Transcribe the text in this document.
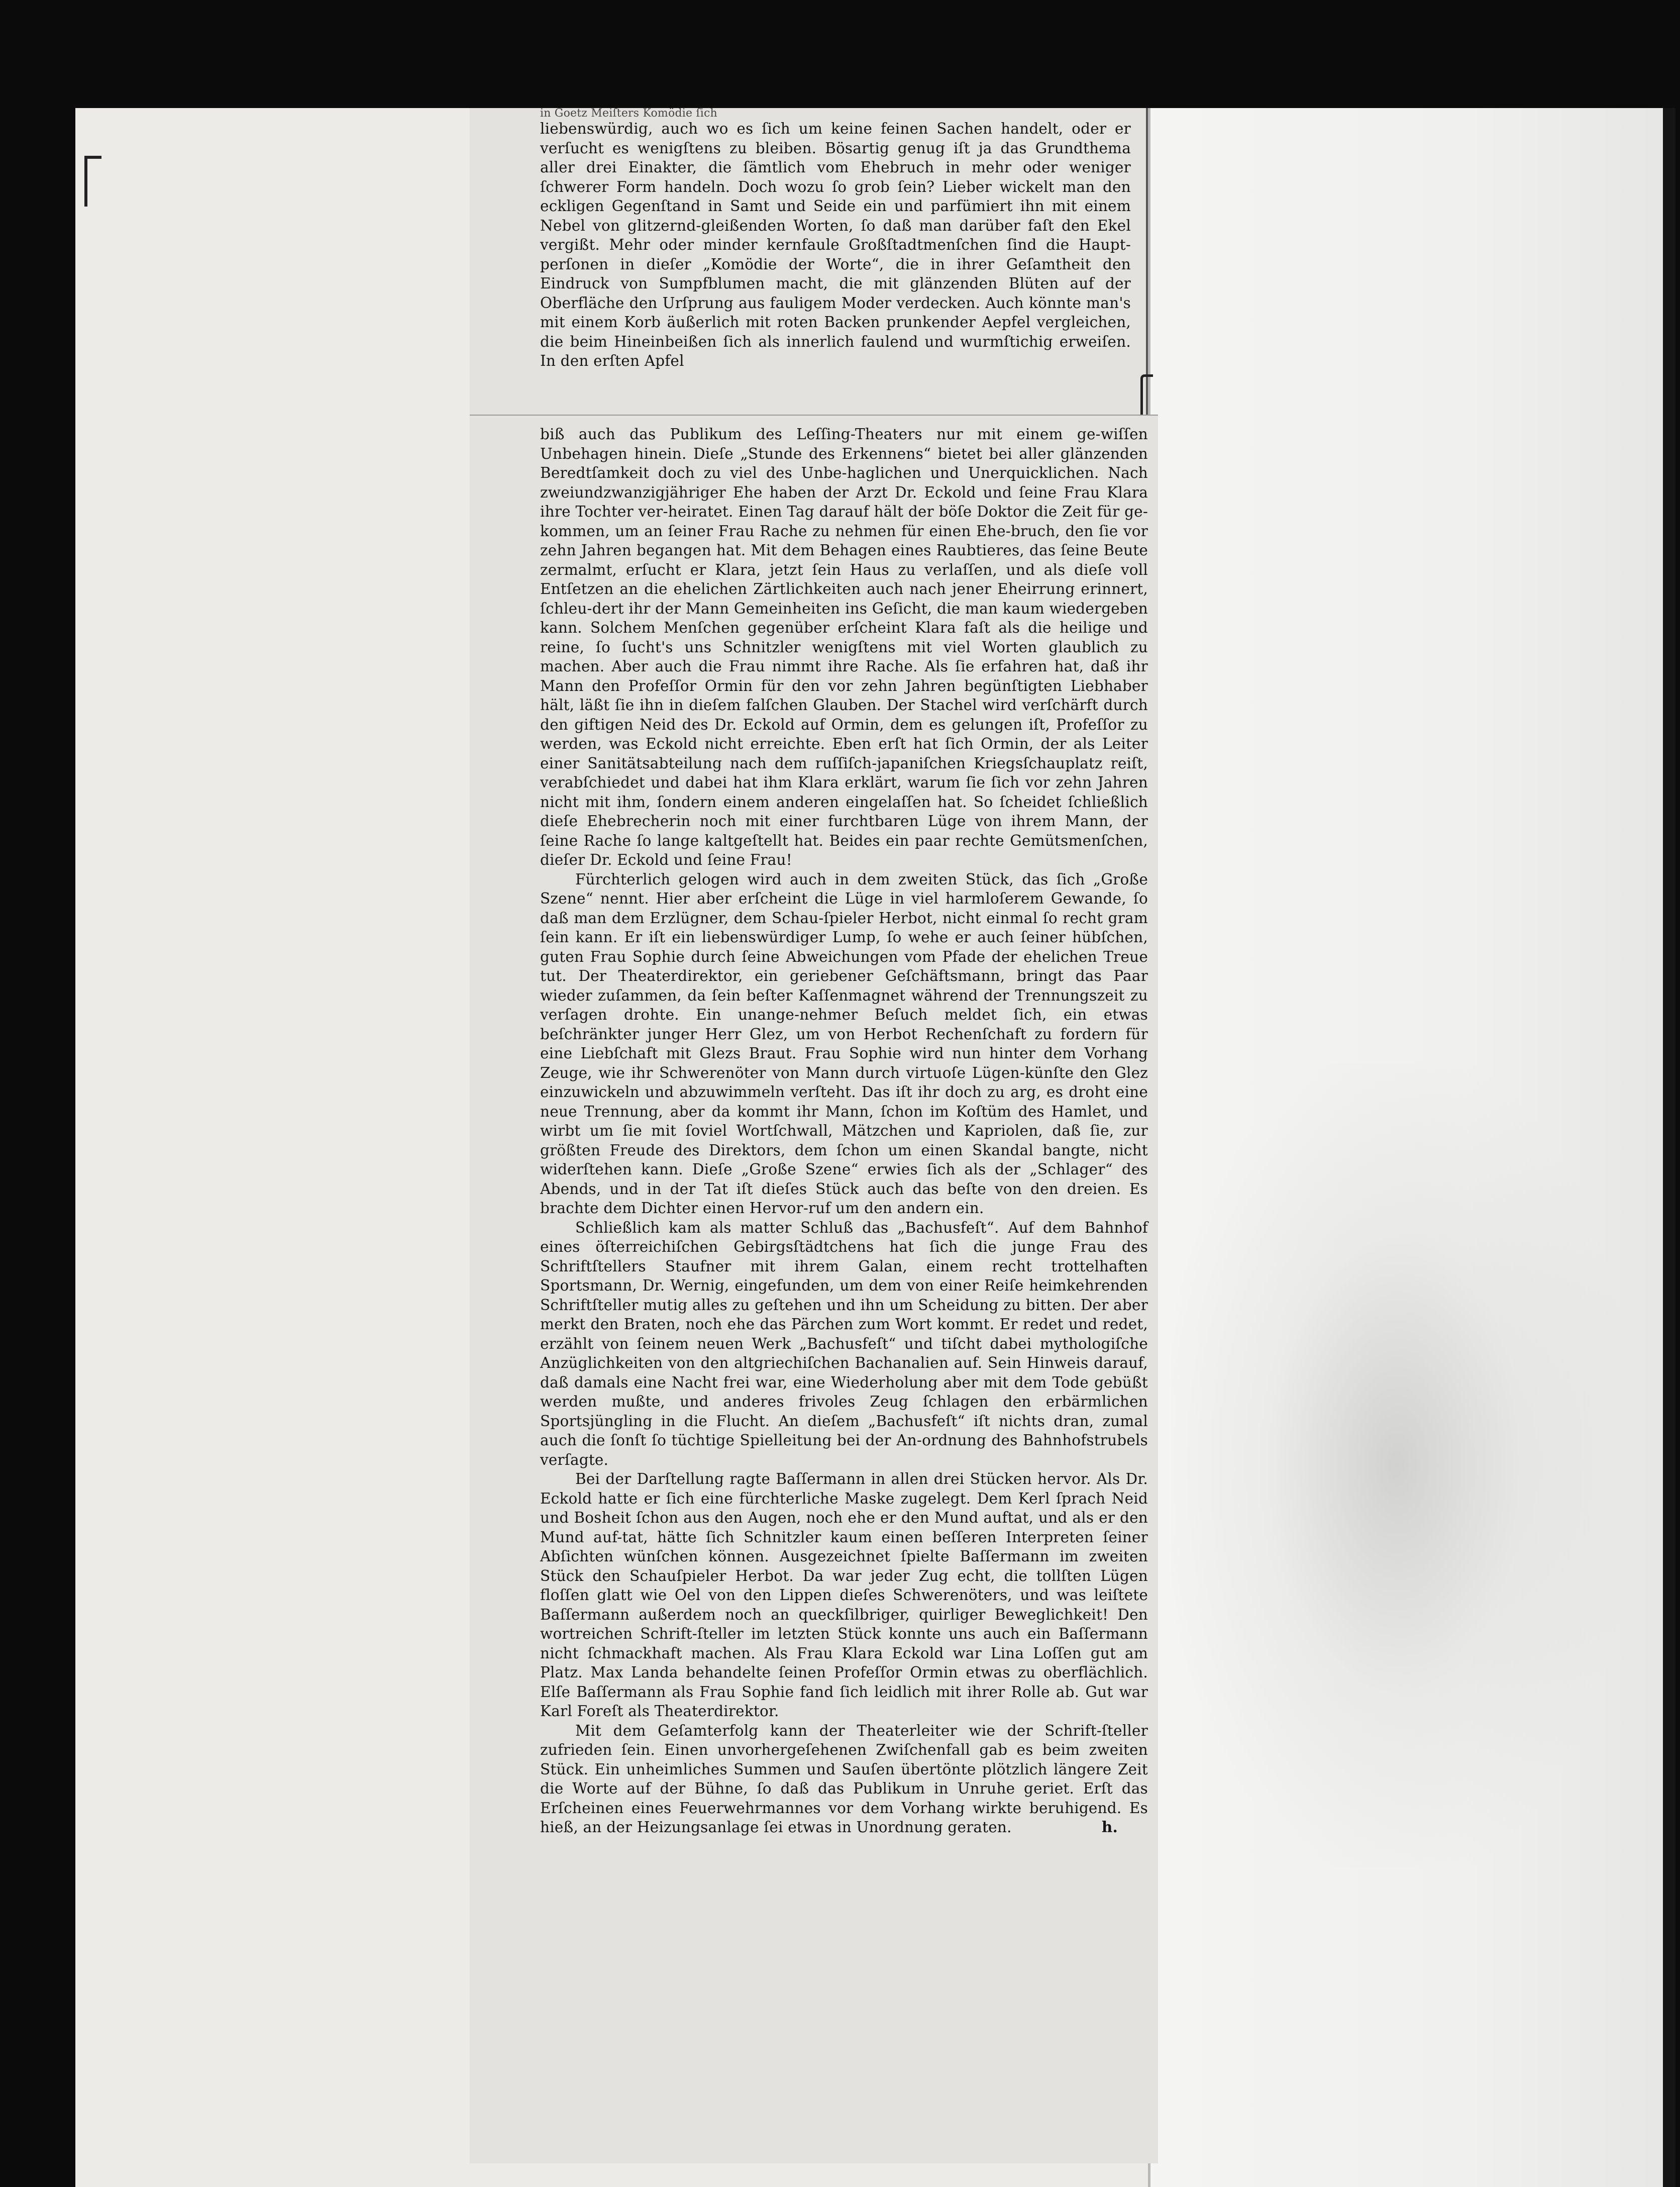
in Goetz Meiſters Komödie ſich

liebenswürdig, auch wo es ſich um keine feinen Sachen handelt, oder er verſucht es wenigſtens zu bleiben. Bösartig genug iſt ja das Grundthema aller drei Einakter, die ſämtlich vom Ehebruch in mehr oder weniger ſchwerer Form handeln. Doch wozu ſo grob ſein? Lieber wickelt man den eckligen Gegenſtand in Samt und Seide ein und parfümiert ihn mit einem Nebel von glitzernd-gleißenden Worten, ſo daß man darüber faſt den Ekel vergißt. Mehr oder minder kernfaule Großſtadtmenſchen ſind die Haupt-perſonen in dieſer „Komödie der Worte“, die in ihrer Geſamtheit den Eindruck von Sumpfblumen macht, die mit glänzenden Blüten auf der Oberfläche den Urſprung aus fauligem Moder verdecken. Auch könnte man's mit einem Korb äußerlich mit roten Backen prunkender Aepfel vergleichen, die beim Hineinbeißen ſich als innerlich faulend und wurmſtichig erweiſen. In den erſten Apfel

biß auch das Publikum des Leſſing-Theaters nur mit einem ge-wiſſen Unbehagen hinein. Dieſe „Stunde des Erkennens“ bietet bei aller glänzenden Beredtſamkeit doch zu viel des Unbe-haglichen und Unerquicklichen. Nach zweiundzwanzigjähriger Ehe haben der Arzt Dr. Eckold und ſeine Frau Klara ihre Tochter ver-heiratet. Einen Tag darauf hält der böſe Doktor die Zeit für ge-kommen, um an ſeiner Frau Rache zu nehmen für einen Ehe-bruch, den ſie vor zehn Jahren begangen hat. Mit dem Behagen eines Raubtieres, das ſeine Beute zermalmt, erſucht er Klara, jetzt ſein Haus zu verlaſſen, und als dieſe voll Entſetzen an die ehelichen Zärtlichkeiten auch nach jener Eheirrung erinnert, ſchleu-dert ihr der Mann Gemeinheiten ins Geſicht, die man kaum wiedergeben kann. Solchem Menſchen gegenüber erſcheint Klara faſt als die heilige und reine, ſo ſucht's uns Schnitzler wenigſtens mit viel Worten glaublich zu machen. Aber auch die Frau nimmt ihre Rache. Als ſie erfahren hat, daß ihr Mann den Profeſſor Ormin für den vor zehn Jahren begünſtigten Liebhaber hält, läßt ſie ihn in dieſem falſchen Glauben. Der Stachel wird verſchärft durch den giftigen Neid des Dr. Eckold auf Ormin, dem es gelungen iſt, Profeſſor zu werden, was Eckold nicht erreichte. Eben erſt hat ſich Ormin, der als Leiter einer Sanitätsabteilung nach dem ruſſiſch-japaniſchen Kriegsſchauplatz reiſt, verabſchiedet und dabei hat ihm Klara erklärt, warum ſie ſich vor zehn Jahren nicht mit ihm, ſondern einem anderen eingelaſſen hat. So ſcheidet ſchließlich dieſe Ehebrecherin noch mit einer furchtbaren Lüge von ihrem Mann, der ſeine Rache ſo lange kaltgeſtellt hat. Beides ein paar rechte Gemütsmenſchen, dieſer Dr. Eckold und ſeine Frau!

Fürchterlich gelogen wird auch in dem zweiten Stück, das ſich „Große Szene“ nennt. Hier aber erſcheint die Lüge in viel harmloſerem Gewande, ſo daß man dem Erzlügner, dem Schau-ſpieler Herbot, nicht einmal ſo recht gram ſein kann. Er iſt ein liebenswürdiger Lump, ſo wehe er auch ſeiner hübſchen, guten Frau Sophie durch ſeine Abweichungen vom Pfade der ehelichen Treue tut. Der Theaterdirektor, ein geriebener Geſchäftsmann, bringt das Paar wieder zuſammen, da ſein beſter Kaſſenmagnet während der Trennungszeit zu verſagen drohte. Ein unange-nehmer Beſuch meldet ſich, ein etwas beſchränkter junger Herr Glez, um von Herbot Rechenſchaft zu fordern für eine Liebſchaft mit Glezs Braut. Frau Sophie wird nun hinter dem Vorhang Zeuge, wie ihr Schwerenöter von Mann durch virtuoſe Lügen-künſte den Glez einzuwickeln und abzuwimmeln verſteht. Das iſt ihr doch zu arg, es droht eine neue Trennung, aber da kommt ihr Mann, ſchon im Koſtüm des Hamlet, und wirbt um ſie mit ſoviel Wortſchwall, Mätzchen und Kapriolen, daß ſie, zur größten Freude des Direktors, dem ſchon um einen Skandal bangte, nicht widerſtehen kann. Dieſe „Große Szene“ erwies ſich als der „Schlager“ des Abends, und in der Tat iſt dieſes Stück auch das beſte von den dreien. Es brachte dem Dichter einen Hervor-ruf um den andern ein.

Schließlich kam als matter Schluß das „Bachusfeſt“. Auf dem Bahnhof eines öſterreichiſchen Gebirgsſtädtchens hat ſich die junge Frau des Schriftſtellers Staufner mit ihrem Galan, einem recht trottelhaften Sportsmann, Dr. Wernig, eingefunden, um dem von einer Reiſe heimkehrenden Schriftſteller mutig alles zu geſtehen und ihn um Scheidung zu bitten. Der aber merkt den Braten, noch ehe das Pärchen zum Wort kommt. Er redet und redet, erzählt von ſeinem neuen Werk „Bachusfeſt“ und tiſcht dabei mythologiſche Anzüglichkeiten von den altgriechiſchen Bachanalien auf. Sein Hinweis darauf, daß damals eine Nacht frei war, eine Wiederholung aber mit dem Tode gebüßt werden mußte, und anderes frivoles Zeug ſchlagen den erbärmlichen Sportsjüngling in die Flucht. An dieſem „Bachusfeſt“ iſt nichts dran, zumal auch die ſonſt ſo tüchtige Spielleitung bei der An-ordnung des Bahnhofstrubels verſagte.

Bei der Darſtellung ragte Baſſermann in allen drei Stücken hervor. Als Dr. Eckold hatte er ſich eine fürchterliche Maske zugelegt. Dem Kerl ſprach Neid und Bosheit ſchon aus den Augen, noch ehe er den Mund auftat, und als er den Mund auf-tat, hätte ſich Schnitzler kaum einen beſſeren Interpreten ſeiner Abſichten wünſchen können. Ausgezeichnet ſpielte Baſſermann im zweiten Stück den Schauſpieler Herbot. Da war jeder Zug echt, die tollſten Lügen floſſen glatt wie Oel von den Lippen dieſes Schwerenöters, und was leiſtete Baſſermann außerdem noch an queckſilbriger, quirliger Beweglichkeit! Den wortreichen Schrift-ſteller im letzten Stück konnte uns auch ein Baſſermann nicht ſchmackhaft machen. Als Frau Klara Eckold war Lina Loſſen gut am Platz. Max Landa behandelte ſeinen Profeſſor Ormin etwas zu oberflächlich. Elſe Baſſermann als Frau Sophie fand ſich leidlich mit ihrer Rolle ab. Gut war Karl Foreſt als Theaterdirektor.

Mit dem Geſamterfolg kann der Theaterleiter wie der Schrift-ſteller zufrieden ſein. Einen unvorhergeſehenen Zwiſchenfall gab es beim zweiten Stück. Ein unheimliches Summen und Sauſen übertönte plötzlich längere Zeit die Worte auf der Bühne, ſo daß das Publikum in Unruhe geriet. Erſt das Erſcheinen eines Feuerwehrmannes vor dem Vorhang wirkte beruhigend. Es hieß, an der Heizungsanlage ſei etwas in Unordnung geraten.	h.
